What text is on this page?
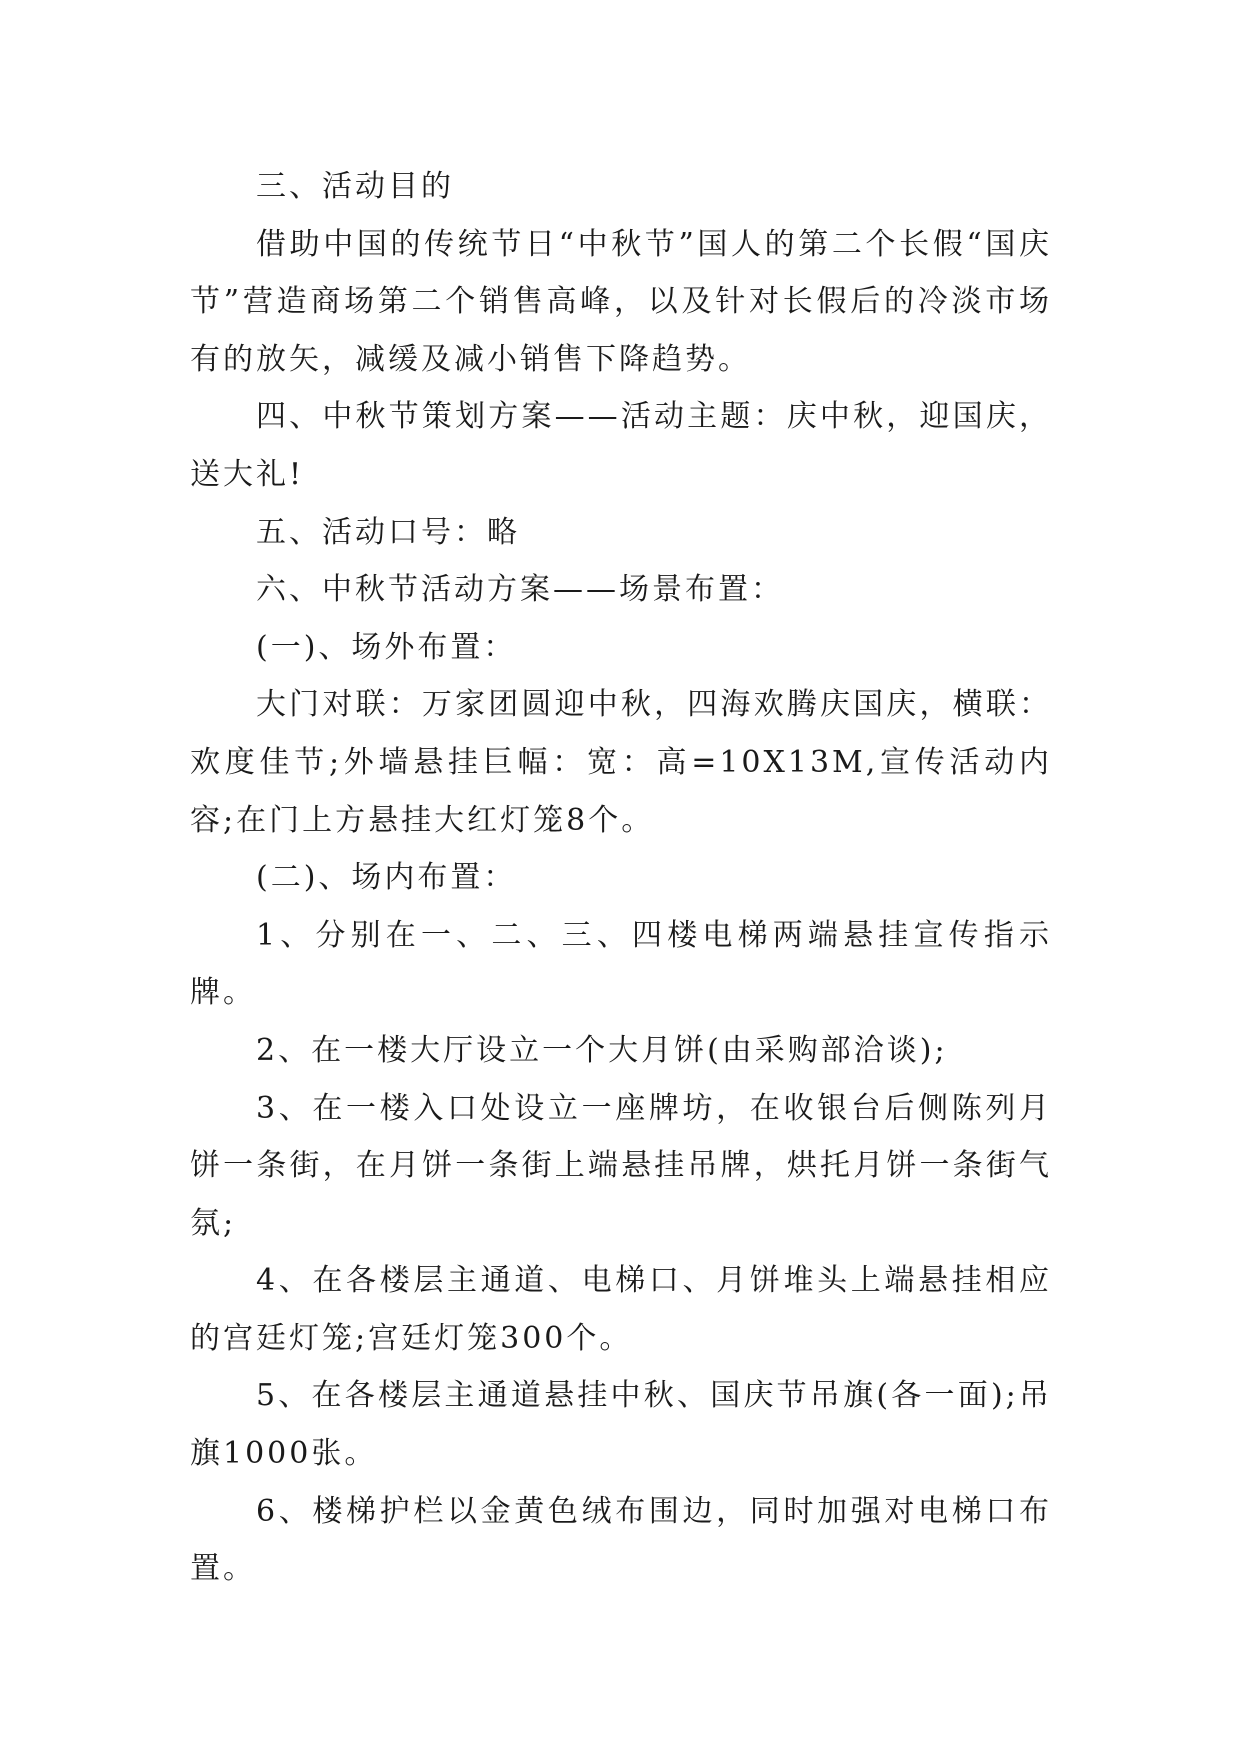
三、活动目的

借助中国的传统节日“中秋节”国人的第二个长假“国庆节”营造商场第二个销售高峰，以及针对长假后的冷淡市场有的放矢，减缓及减小销售下降趋势。

四、中秋节策划方案——活动主题：庆中秋，迎国庆，送大礼!

五、活动口号：略

六、中秋节活动方案——场景布置：

(一)、场外布置：

大门对联：万家团圆迎中秋，四海欢腾庆国庆，横联：欢度佳节;外墙悬挂巨幅：宽：高=10X13M,宣传活动内容;在门上方悬挂大红灯笼8个。

(二)、场内布置：

1、分别在一、二、三、四楼电梯两端悬挂宣传指示牌。

2、在一楼大厅设立一个大月饼(由采购部洽谈);

3、在一楼入口处设立一座牌坊，在收银台后侧陈列月饼一条街，在月饼一条街上端悬挂吊牌，烘托月饼一条街气氛;

4、在各楼层主通道、电梯口、月饼堆头上端悬挂相应的宫廷灯笼;宫廷灯笼300个。

5、在各楼层主通道悬挂中秋、国庆节吊旗(各一面);吊旗1000张。

6、楼梯护栏以金黄色绒布围边，同时加强对电梯口布置。
